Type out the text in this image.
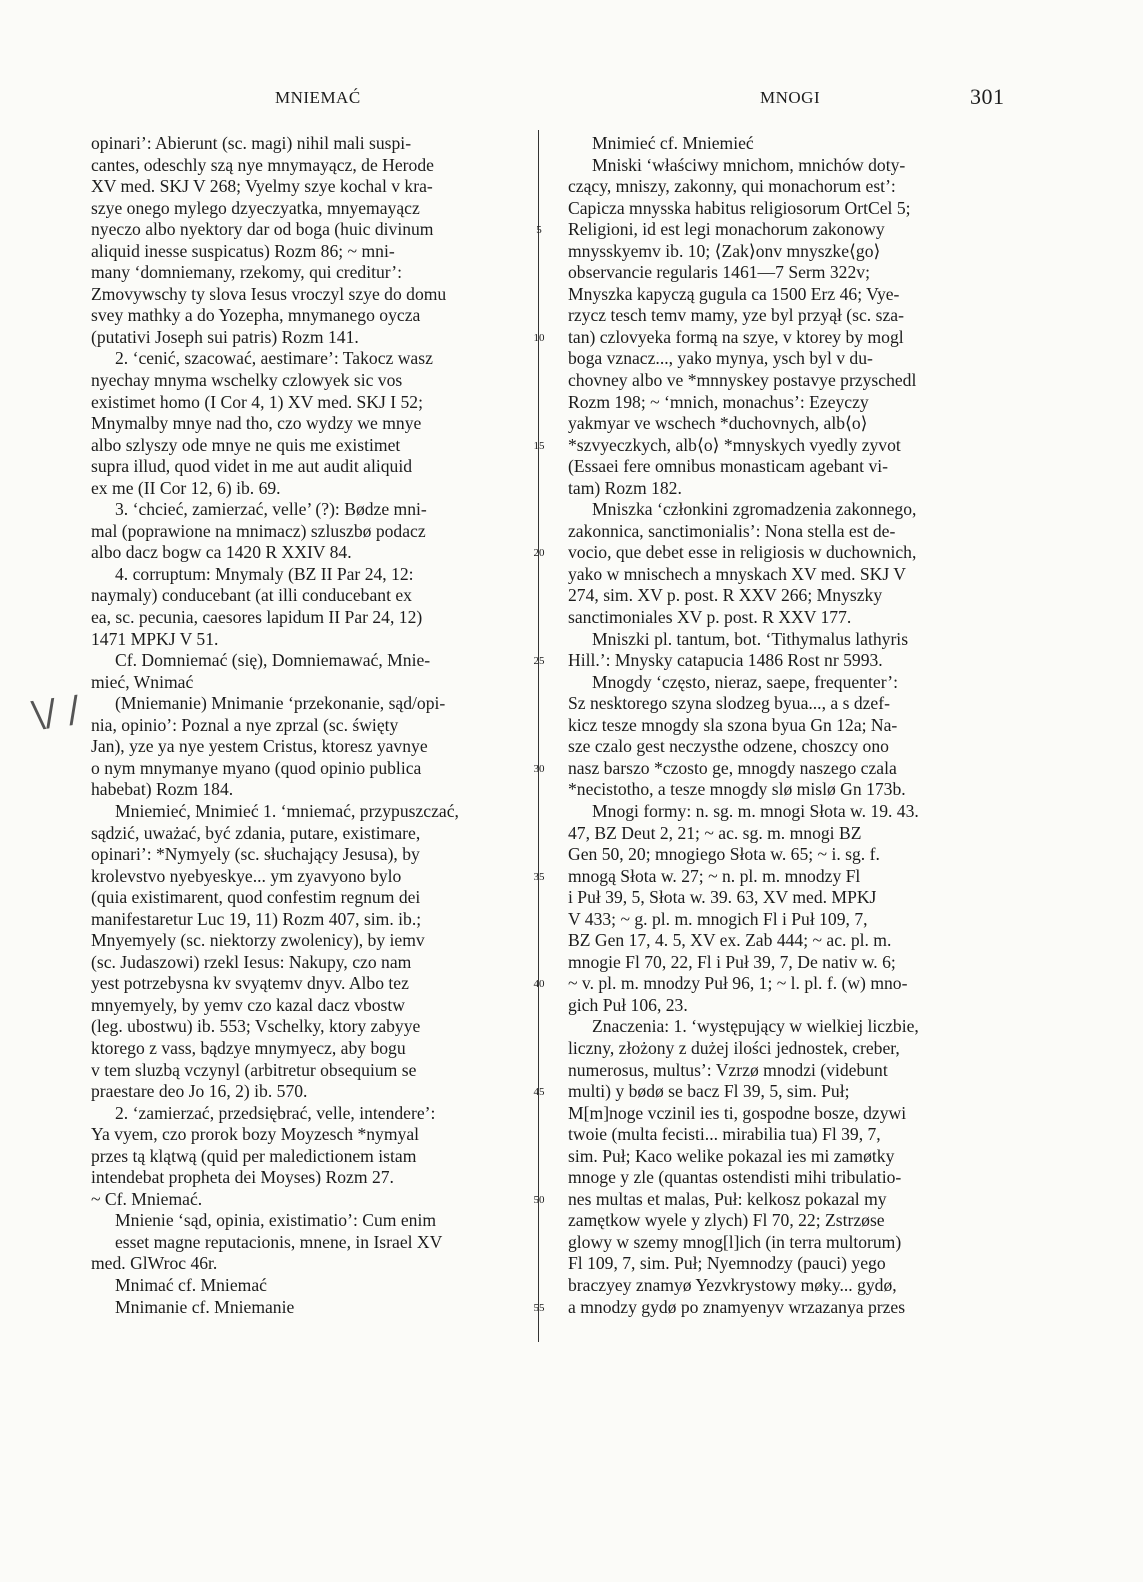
MNIEMAĆ	MNOGI	301
\/ /
opinari’: Abierunt (sc. magi) nihil mali suspi-
cantes, odeschly szą nye mnymayącz, de Herode
XV med. SKJ V 268; Vyelmy szye kochal v kra-
szye onego mylego dzyeczyatka, mnyemayącz
nyeczo albo nyektory dar od boga (huic divinum
aliquid inesse suspicatus) Rozm 86; ~ mni-
many ‘domniemany, rzekomy, qui creditur’:
Zmovywschy ty slova Iesus vroczyl szye do domu
svey mathky a do Yozepha, mnymanego oycza
(putativi Joseph sui patris) Rozm 141.
2. ‘cenić, szacować, aestimare’: Takocz wasz
nyechay mnyma wschelky czlowyek sic vos
existimet homo (I Cor 4, 1) XV med. SKJ I 52;
Mnymalby mnye nad tho, czo wydzy we mnye
albo szlyszy ode mnye ne quis me existimet
supra illud, quod videt in me aut audit aliquid
ex me (II Cor 12, 6) ib. 69.
3. ‘chcieć, zamierzać, velle’ (?): Bødze mni-
mal (poprawione na mnimacz) szluszbø podacz
albo dacz bogw ca 1420 R XXIV 84.
4. corruptum: Mnymaly (BZ II Par 24, 12:
naymaly) conducebant (at illi conducebant ex
ea, sc. pecunia, caesores lapidum II Par 24, 12)
1471 MPKJ V 51.
Cf. Domniemać (się), Domniemawać, Mnie-
mieć, Wnimać
(Mniemanie) Mnimanie ‘przekonanie, sąd/opi-
nia, opinio’: Poznal a nye zprzal (sc. święty
Jan), yze ya nye yestem Cristus, ktoresz yavnye
o nym mnymanye myano (quod opinio publica
habebat) Rozm 184.
Mniemieć, Mnimieć 1. ‘mniemać, przypuszczać,
sądzić, uważać, być zdania, putare, existimare,
opinari’: *Nymyely (sc. słuchający Jesusa), by
krolevstvo nyebyeskye... ym zyavyono bylo
(quia existimarent, quod confestim regnum dei
manifestaretur Luc 19, 11) Rozm 407, sim. ib.;
Mnyemyely (sc. niektorzy zwolenicy), by iemv
(sc. Judaszowi) rzekl Iesus: Nakupy, czo nam
yest potrzebysna kv svyątemv dnyv. Albo tez
mnyemyely, by yemv czo kazal dacz vbostw
(leg. ubostwu) ib. 553; Vschelky, ktory zabyye
ktorego z vass, bądzye mnymyecz, aby bogu
v tem sluzbą vczynyl (arbitretur obsequium se
praestare deo Jo 16, 2) ib. 570.
2. ‘zamierzać, przedsiębrać, velle, intendere’:
Ya vyem, czo prorok bozy Moyzesch *nymyal
przes tą klątwą (quid per maledictionem istam
intendebat propheta dei Moyses) Rozm 27.
~ Cf. Mniemać.
Mnienie ‘sąd, opinia, existimatio’: Cum enim
esset magne reputacionis, mnene, in Israel XV
med. GlWroc 46r.
Mnimać cf. Mniemać
Mnimanie cf. Mniemanie
5
10
15
20
25
30
35
40
45
50
55
Mnimieć cf. Mniemieć
Mniski ‘właściwy mnichom, mnichów doty-
czący, mniszy, zakonny, qui monachorum est’:
Capicza mnysska habitus religiosorum OrtCel 5;
Religioni, id est legi monachorum zakonowy
mnysskyemv ib. 10; ⟨Zak⟩onv mnyszke⟨go⟩
observancie regularis 1461—7 Serm 322v;
Mnyszka kapyczą gugula ca 1500 Erz 46; Vye-
rzycz tesch temv mamy, yze byl przyął (sc. sza-
tan) czlovyeka formą na szye, v ktorey by mogl
boga vznacz..., yako mynya, ysch byl v du-
chovney albo ve *mnnyskey postavye przyschedl
Rozm 198; ~ ‘mnich, monachus’: Ezeyczy
yakmyar ve wschech *duchovnych, alb⟨o⟩
*szvyeczkych, alb⟨o⟩ *mnyskych vyedly zyvot
(Essaei fere omnibus monasticam agebant vi-
tam) Rozm 182.
Mniszka ‘członkini zgromadzenia zakonnego,
zakonnica, sanctimonialis’: Nona stella est de-
vocio, que debet esse in religiosis w duchownich,
yako w mnischech a mnyskach XV med. SKJ V
274, sim. XV p. post. R XXV 266; Mnyszky
sanctimoniales XV p. post. R XXV 177.
Mniszki pl. tantum, bot. ‘Tithymalus lathyris
Hill.’: Mnysky catapucia 1486 Rost nr 5993.
Mnogdy ‘często, nieraz, saepe, frequenter’:
Sz nesktorego szyna slodzeg byua..., a s dzef-
kicz tesze mnogdy sla szona byua Gn 12a; Na-
sze czalo gest neczysthe odzene, choszcy ono
nasz barszo *czosto ge, mnogdy naszego czala
*necistotho, a tesze mnogdy slø mislø Gn 173b.
Mnogi formy: n. sg. m. mnogi Słota w. 19. 43.
47, BZ Deut 2, 21; ~ ac. sg. m. mnogi BZ
Gen 50, 20; mnogiego Słota w. 65; ~ i. sg. f.
mnogą Słota w. 27; ~ n. pl. m. mnodzy Fl
i Puł 39, 5, Słota w. 39. 63, XV med. MPKJ
V 433; ~ g. pl. m. mnogich Fl i Puł 109, 7,
BZ Gen 17, 4. 5, XV ex. Zab 444; ~ ac. pl. m.
mnogie Fl 70, 22, Fl i Puł 39, 7, De nativ w. 6;
~ v. pl. m. mnodzy Puł 96, 1; ~ l. pl. f. (w) mno-
gich Puł 106, 23.
Znaczenia: 1. ‘występujący w wielkiej liczbie,
liczny, złożony z dużej ilości jednostek, creber,
numerosus, multus’: Vzrzø mnodzi (videbunt
multi) y bødø se bacz Fl 39, 5, sim. Puł;
M[m]noge vczinil ies ti, gospodne bosze, dzywi
twoie (multa fecisti... mirabilia tua) Fl 39, 7,
sim. Puł; Kaco welike pokazal ies mi zamøtky
mnoge y zle (quantas ostendisti mihi tribulatio-
nes multas et malas, Puł: kelkosz pokazal my
zamętkow wyele y zlych) Fl 70, 22; Zstrzøse
glowy w szemy mnog[l]ich (in terra multorum)
Fl 109, 7, sim. Puł; Nyemnodzy (pauci) yego
braczyey znamyø Yezvkrystowy møky... gydø,
a mnodzy gydø po znamyenyv wrzazanya przes
